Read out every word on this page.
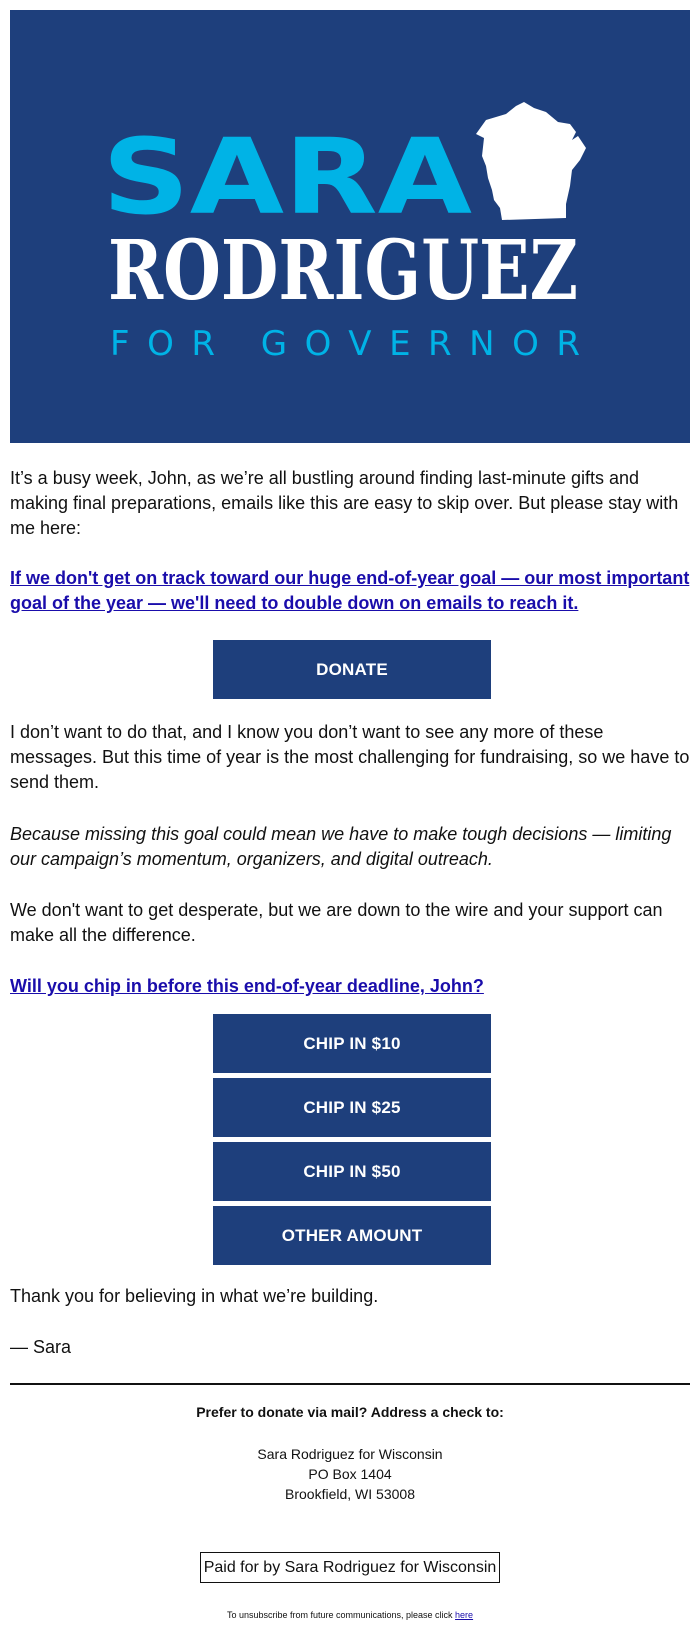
SARA
RODRIGUEZ
FOR GOVERNOR

It’s a busy week, John, as we’re all bustling around finding last-minute gifts and making final preparations, emails like this are easy to skip over. But please stay with me here:

If we don't get on track toward our huge end-of-year goal — our most important goal of the year — we'll need to double down on emails to reach it.
DONATE

I don’t want to do that, and I know you don’t want to see any more of these messages. But this time of year is the most challenging for fundraising, so we have to send them.

Because missing this goal could mean we have to make tough decisions — limiting our campaign’s momentum, organizers, and digital outreach.

We don't want to get desperate, but we are down to the wire and your support can make all the difference.

Will you chip in before this end-of-year deadline, John?
CHIP IN $10
CHIP IN $25
CHIP IN $50
OTHER AMOUNT

Thank you for believing in what we’re building.

— Sara

Prefer to donate via mail? Address a check to:
Sara Rodriguez for Wisconsin
PO Box 1404
Brookfield, WI 53008
Paid for by Sara Rodriguez for Wisconsin
To unsubscribe from future communications, please click here
